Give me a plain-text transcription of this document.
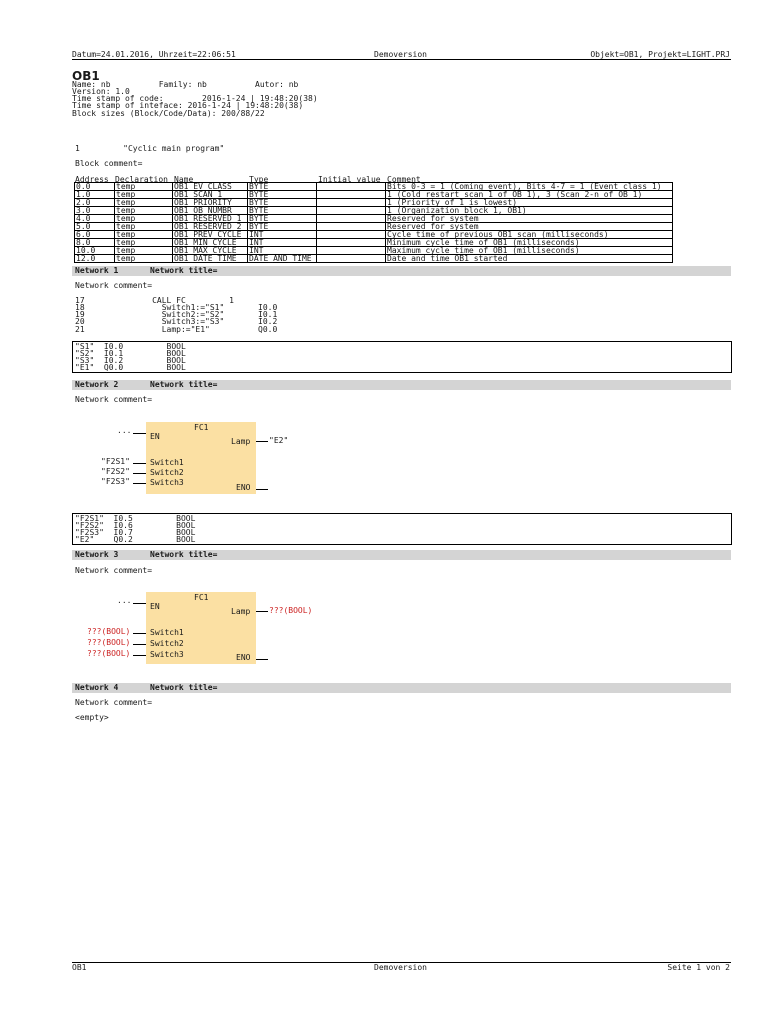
Datum=24.01.2016, Uhrzeit=22:06:51	Demoversion	Objekt=OB1, Projekt=LIGHT.PRJ
OB1
Name: nb          Family: nb          Autor: nb
Version: 1.0
Time stamp of code:        2016-1-24 | 19:48:20(38)
Time stamp of inteface: 2016-1-24 | 19:48:20(38)
Block sizes (Block/Code/Data): 200/88/22
1         "Cyclic main program"
Block comment=
Address Declaration Name	Type	Initial value Comment
0.0	temp	OB1_EV_CLASS	BYTE		Bits 0-3 = 1 (Coming event), Bits 4-7 = 1 (Event class 1)
1.0	temp	OB1_SCAN_1	BYTE		1 (Cold restart scan 1 of OB 1), 3 (Scan 2-n of OB 1)
2.0	temp	OB1_PRIORITY	BYTE		1 (Priority of 1 is lowest)
3.0	temp	OB1_OB_NUMBR	BYTE		1 (Organization block 1, OB1)
4.0	temp	OB1_RESERVED_1	BYTE		Reserved for system
5.0	temp	OB1_RESERVED_2	BYTE		Reserved for system
6.0	temp	OB1_PREV_CYCLE	INT		Cycle time of previous OB1 scan (milliseconds)
8.0	temp	OB1_MIN_CYCLE	INT		Minimum cycle time of OB1 (milliseconds)
10.0	temp	OB1_MAX_CYCLE	INT		Maximum cycle time of OB1 (milliseconds)
12.0	temp	OB1_DATE_TIME	DATE_AND_TIME		Date and time OB1 started
Network 1	Network title=
Network comment=
17              CALL FC         1
18                Switch1:="S1"       I0.0
19                Switch2:="S2"       I0.1
20                Switch3:="S3"       I0.2
21                Lamp:="E1"          Q0.0
"S1"  I0.0         BOOL
"S2"  I0.1         BOOL
"S3"  I0.2         BOOL
"E1"  Q0.0         BOOL
Network 2	Network title=
Network comment=
FC1
EN
Lamp
Switch1
Switch2
Switch3
ENO
...
"E2"
"F2S1"
"F2S2"
"F2S3"
"F2S1"  I0.5         BOOL
"F2S2"  I0.6         BOOL
"F2S3"  I0.7         BOOL
"E2"    Q0.2         BOOL
Network 3	Network title=
Network comment=
FC1
EN
Lamp
Switch1
Switch2
Switch3	ENO
...
???(BOOL)
???(BOOL)
???(BOOL)
???(BOOL)
Network 4	Network title=
Network comment=
<empty>
OB1	Demoversion	Seite 1 von 2
